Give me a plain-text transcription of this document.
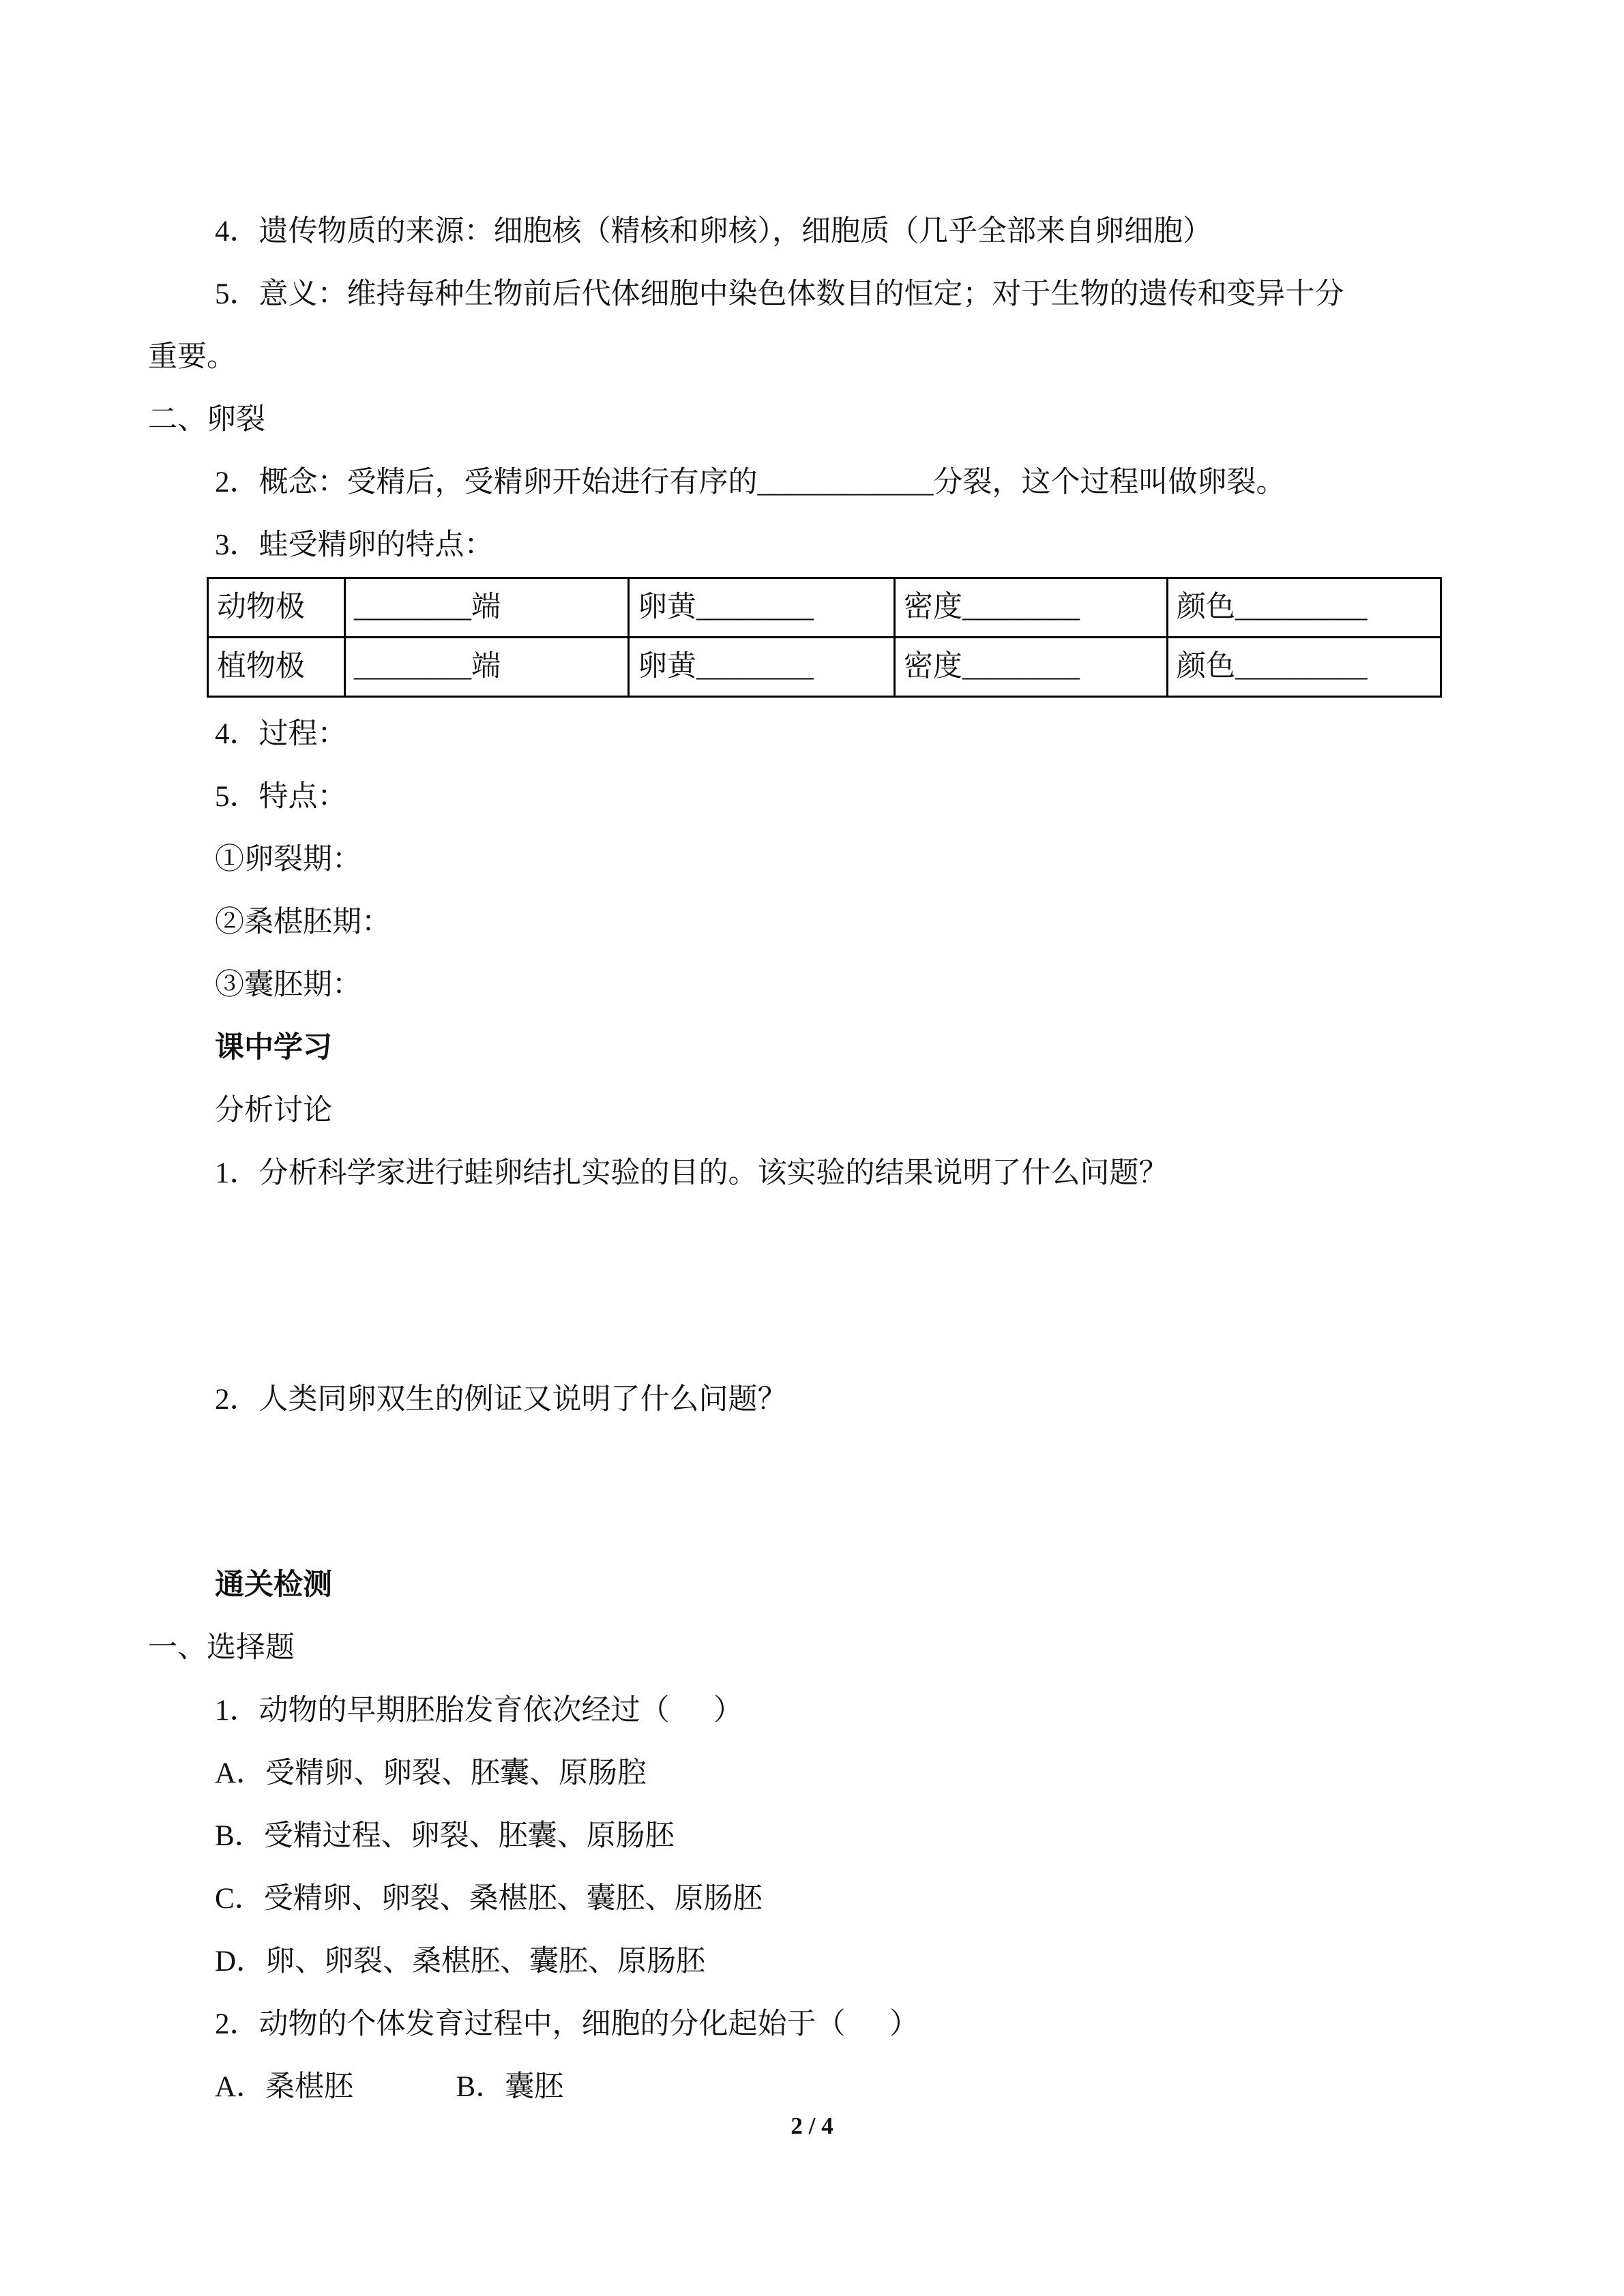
4．遗传物质的来源：细胞核（精核和卵核），细胞质（几乎全部来自卵细胞）
5．意义：维持每种生物前后代体细胞中染色体数目的恒定；对于生物的遗传和变异十分
重要。
二、卵裂
2．概念：受精后，受精卵开始进行有序的____________分裂，这个过程叫做卵裂。
3．蛙受精卵的特点：
动物极	________端	卵黄________	密度________	颜色_________
植物极	________端	卵黄________	密度________	颜色_________
4．过程：
5．特点：
①卵裂期：
②桑椹胚期：
③囊胚期：
课中学习
分析讨论
1．分析科学家进行蛙卵结扎实验的目的。该实验的结果说明了什么问题？
2．人类同卵双生的例证又说明了什么问题？
通关检测
一、选择题
1．动物的早期胚胎发育依次经过（      ）
A．受精卵、卵裂、胚囊、原肠腔
B．受精过程、卵裂、胚囊、原肠胚
C．受精卵、卵裂、桑椹胚、囊胚、原肠胚
D．卵、卵裂、桑椹胚、囊胚、原肠胚
2．动物的个体发育过程中，细胞的分化起始于（      ）
A．桑椹胚              B．囊胚
2 / 4
